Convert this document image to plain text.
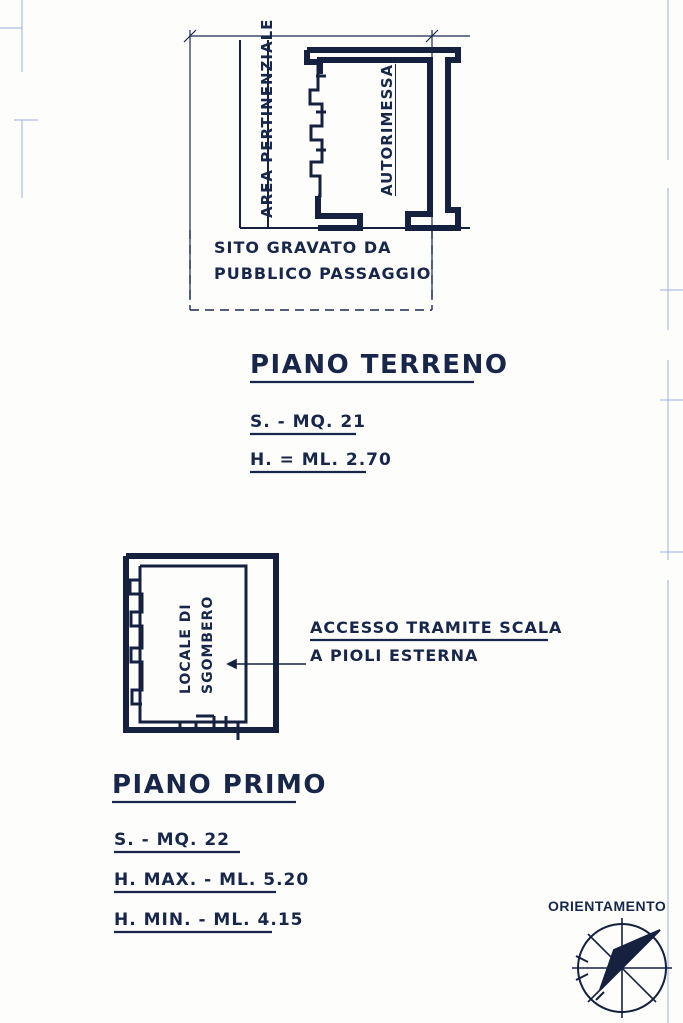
AREA PERTINENZIALE	AUTORIMESSA
SITO GRAVATO DA
PUBBLICO PASSAGGIO
PIANO TERRENO
S. - MQ. 21
H. = ML. 2.70
LOCALE DI SGOMBERO	ACCESSO TRAMITE SCALA
A PIOLI ESTERNA
PIANO PRIMO
S. - MQ. 22
H. MAX. - ML. 5.20
H. MIN. - ML. 4.15
ORIENTAMENTO
